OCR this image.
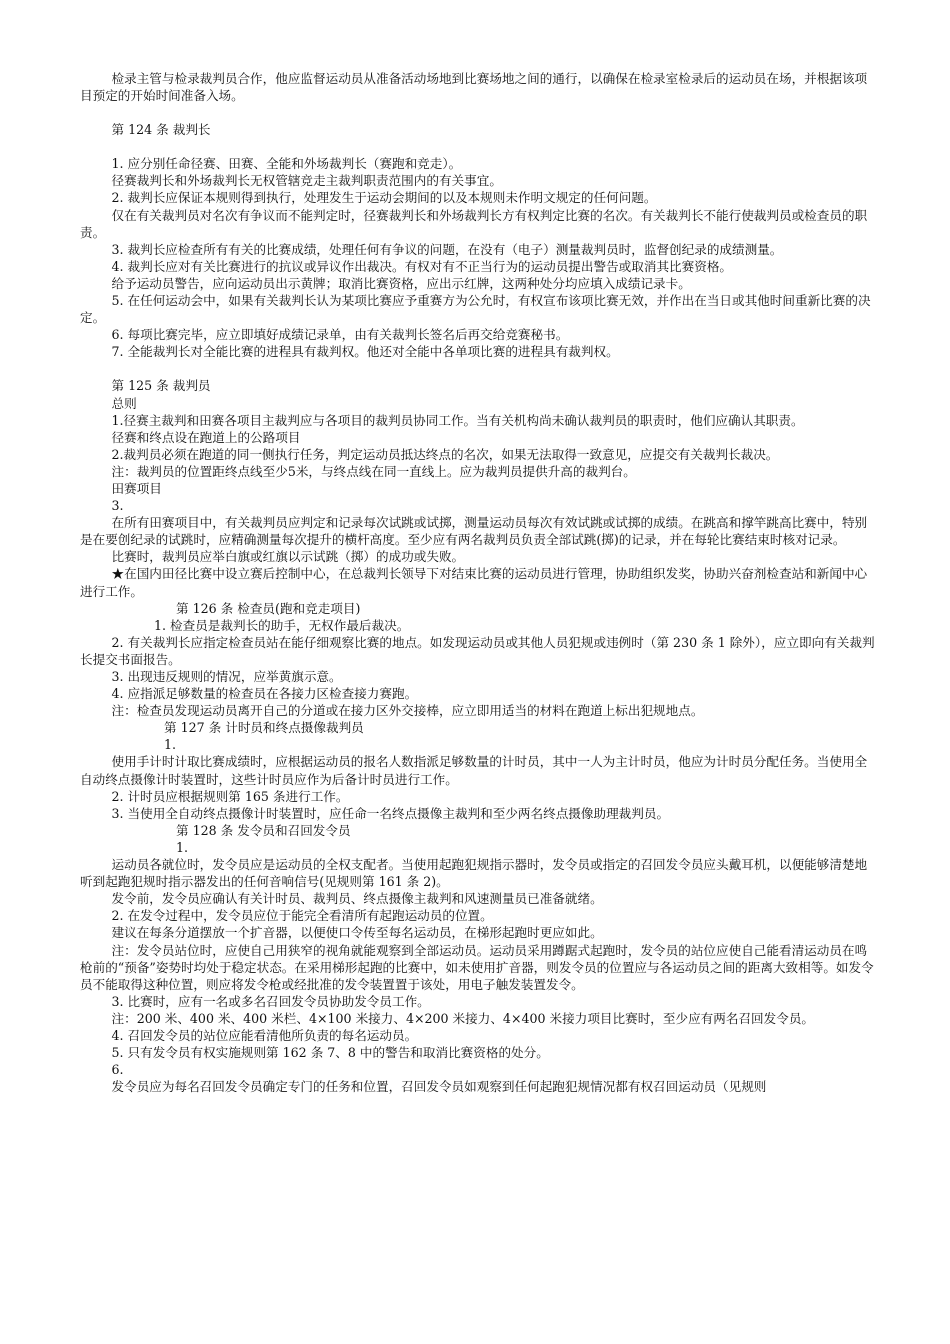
检录主管与检录裁判员合作，他应监督运动员从准备活动场地到比赛场地之间的通行，以确保在检录室检录后的运动员在场，并根据该项目预定的开始时间准备入场。

第 124 条 裁判长

1. 应分别任命径赛、田赛、全能和外场裁判长（赛跑和竞走）。

径赛裁判长和外场裁判长无权管辖竞走主裁判职责范围内的有关事宜。

2. 裁判长应保证本规则得到执行，处理发生于运动会期间的以及本规则未作明文规定的任何问题。

仅在有关裁判员对名次有争议而不能判定时，径赛裁判长和外场裁判长方有权判定比赛的名次。有关裁判长不能行使裁判员或检查员的职责。

3. 裁判长应检查所有有关的比赛成绩，处理任何有争议的问题，在没有（电子）测量裁判员时，监督创纪录的成绩测量。

4. 裁判长应对有关比赛进行的抗议或异议作出裁决。有权对有不正当行为的运动员提出警告或取消其比赛资格。

给予运动员警告，应向运动员出示黄牌；取消比赛资格，应出示红牌，这两种处分均应填入成绩记录卡。

5. 在任何运动会中，如果有关裁判长认为某项比赛应予重赛方为公允时，有权宣布该项比赛无效，并作出在当日或其他时间重新比赛的决定。

6. 每项比赛完毕，应立即填好成绩记录单，由有关裁判长签名后再交给竞赛秘书。

7. 全能裁判长对全能比赛的进程具有裁判权。他还对全能中各单项比赛的进程具有裁判权。

第 125 条 裁判员

总则

1.径赛主裁判和田赛各项目主裁判应与各项目的裁判员协同工作。当有关机构尚未确认裁判员的职责时，他们应确认其职责。

径赛和终点设在跑道上的公路项目

2.裁判员必须在跑道的同一侧执行任务，判定运动员抵达终点的名次，如果无法取得一致意见，应提交有关裁判长裁决。

注：裁判员的位置距终点线至少5米，与终点线在同一直线上。应为裁判员提供升高的裁判台。

田赛项目

3.

在所有田赛项目中，有关裁判员应判定和记录每次试跳或试掷，测量运动员每次有效试跳或试掷的成绩。在跳高和撑竿跳高比赛中，特别是在要创纪录的试跳时，应精确测量每次提升的横杆高度。至少应有两名裁判员负责全部试跳(掷)的记录，并在每轮比赛结束时核对记录。

比赛时，裁判员应举白旗或红旗以示试跳（掷）的成功或失败。

★在国内田径比赛中设立赛后控制中心，在总裁判长领导下对结束比赛的运动员进行管理，协助组织发奖，协助兴奋剂检查站和新闻中心进行工作。

第 126 条 检查员(跑和竞走项目)

1. 检查员是裁判长的助手，无权作最后裁决。

2. 有关裁判长应指定检查员站在能仔细观察比赛的地点。如发现运动员或其他人员犯规或违例时（第 230 条 1 除外），应立即向有关裁判长提交书面报告。

3. 出现违反规则的情况，应举黄旗示意。

4. 应指派足够数量的检查员在各接力区检查接力赛跑。

注：检查员发现运动员离开自己的分道或在接力区外交接棒，应立即用适当的材料在跑道上标出犯规地点。

第 127 条 计时员和终点摄像裁判员

1.

使用手计时计取比赛成绩时，应根据运动员的报名人数指派足够数量的计时员，其中一人为主计时员，他应为计时员分配任务。当使用全自动终点摄像计时装置时，这些计时员应作为后备计时员进行工作。

2. 计时员应根据规则第 165 条进行工作。

3. 当使用全自动终点摄像计时装置时，应任命一名终点摄像主裁判和至少两名终点摄像助理裁判员。

第 128 条 发令员和召回发令员

1.

运动员各就位时，发令员应是运动员的全权支配者。当使用起跑犯规指示器时，发令员或指定的召回发令员应头戴耳机，以便能够清楚地听到起跑犯规时指示器发出的任何音响信号(见规则第 161 条 2)。

发令前，发令员应确认有关计时员、裁判员、终点摄像主裁判和风速测量员已准备就绪。

2. 在发令过程中，发令员应位于能完全看清所有起跑运动员的位置。

建议在每条分道摆放一个扩音器，以便使口令传至每名运动员，在梯形起跑时更应如此。

注：发令员站位时，应使自己用狭窄的视角就能观察到全部运动员。运动员采用蹲踞式起跑时，发令员的站位应使自己能看清运动员在鸣枪前的“预备”姿势时均处于稳定状态。在采用梯形起跑的比赛中，如未使用扩音器，则发令员的位置应与各运动员之间的距离大致相等。如发令员不能取得这种位置，则应将发令枪或经批准的发令装置置于该处，用电子触发装置发令。

3. 比赛时，应有一名或多名召回发令员协助发令员工作。

注：200 米、400 米、400 米栏、4×100 米接力、4×200 米接力、4×400 米接力项目比赛时，至少应有两名召回发令员。

4. 召回发令员的站位应能看清他所负责的每名运动员。

5. 只有发令员有权实施规则第 162 条 7、8 中的警告和取消比赛资格的处分。

6.

发令员应为每名召回发令员确定专门的任务和位置，召回发令员如观察到任何起跑犯规情况都有权召回运动员（见规则
